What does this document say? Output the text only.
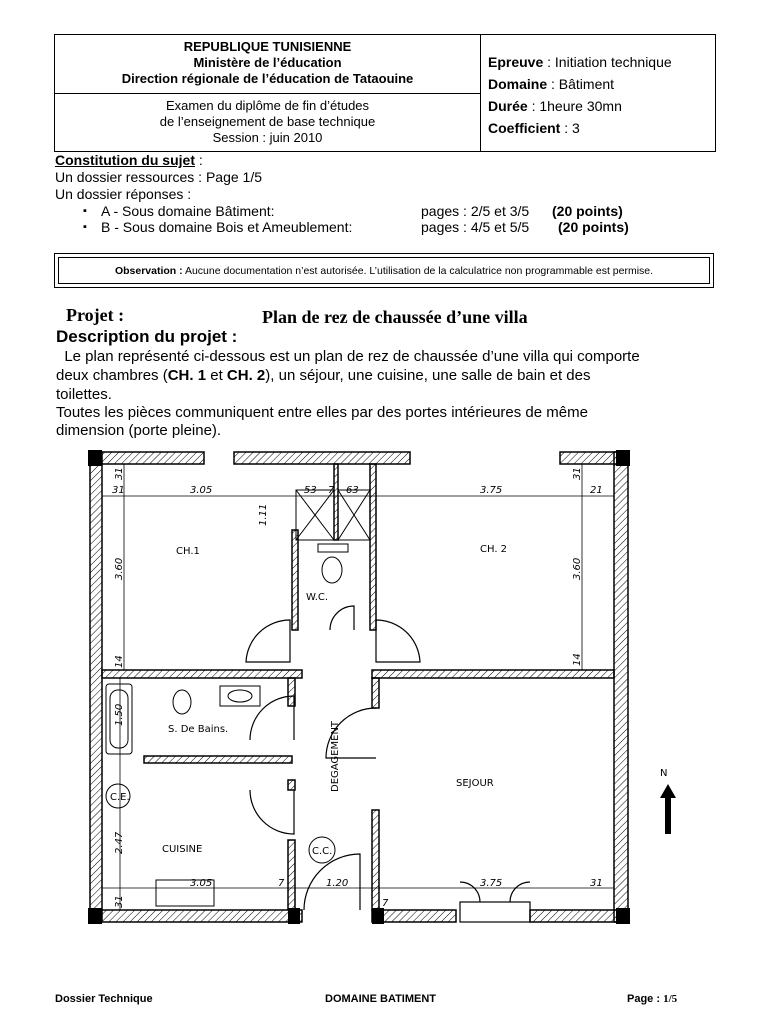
REPUBLIQUE TUNISIENNE
Ministère de l’éducation
Direction régionale de l’éducation de Tataouine
Examen du diplôme de fin d’études
de l’enseignement de base technique
Session : juin 2010
Epreuve : Initiation technique
Domaine : Bâtiment
Durée : 1heure 30mn
Coefficient : 3
Constitution du sujet :
Un dossier ressources : Page 1/5
Un dossier réponses :
▪ A - Sous domaine Bâtiment:	pages : 2/5 et 3/5 (20 points)
▪ B - Sous domaine Bois et Ameublement:	pages : 4/5 et 5/5 (20 points)
Observation : Aucune documentation n’est autorisée. L’utilisation de la calculatrice non programmable est permise.
Projet :	Plan de rez de chaussée d’une villa
Description du projet :
Le plan représenté ci-dessous est un plan de rez de chaussée d’une villa qui comporte
deux chambres (CH. 1 et CH. 2), un séjour, une cuisine, une salle de bain et des
toilettes.
Toutes les pièces communiquent entre elles par des portes intérieures de même
dimension (porte pleine).
CH.1	CH. 2
W.C.
S. De Bains.	DEGAGEMENT	SEJOUR
CUISINE
C.E.
C.C.
N
31	3.05	53 7 63	3.75	21
3.60	3.60
14	14
1.11
1.50
2.47
31	31
31
3.05	7	1.20
7
3.75	31
Dossier Technique	DOMAINE BATIMENT	Page : 1/5
